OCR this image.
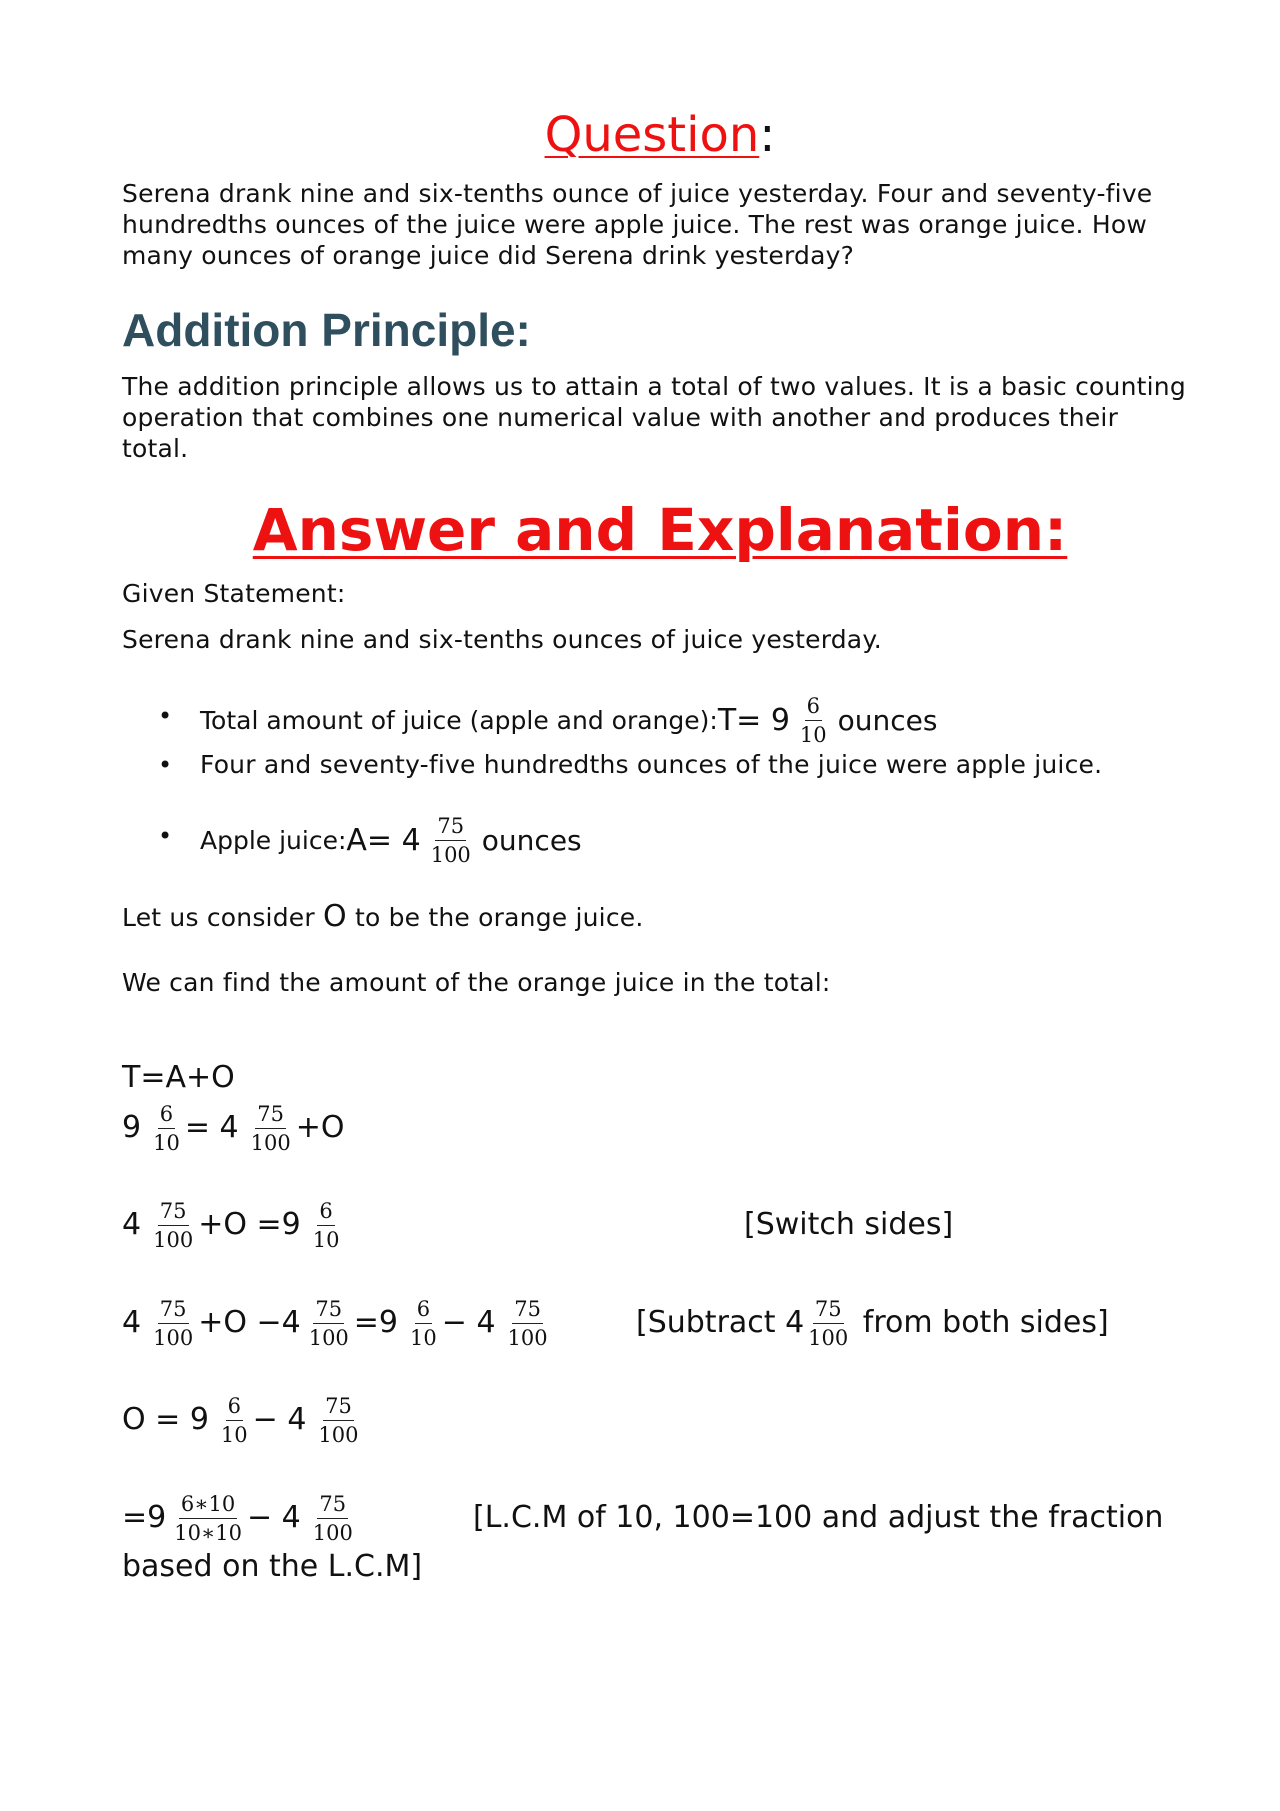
Question:
Serena drank nine and six-tenths ounce of juice yesterday. Four and seventy-five
hundredths ounces of the juice were apple juice. The rest was orange juice. How
many ounces of orange juice did Serena drink yesterday?
Addition Principle:
The addition principle allows us to attain a total of two values. It is a basic counting
operation that combines one numerical value with another and produces their
total.
Answer and Explanation:
Given Statement:
Serena drank nine and six-tenths ounces of juice yesterday.
• Total amount of juice (apple and orange): $T= 9 \frac{6}{10}$ ounces
• Four and seventy-five hundredths ounces of the juice were apple juice.
• Apple juice: $A= 4 \frac{75}{100}$ ounces
Let us consider O to be the orange juice.
We can find the amount of the orange juice in the total:
T=A+O
$9 \frac{6}{10} = 4 \frac{75}{100} +O$
$4 \frac{75}{100} +O =9 \frac{6}{10}$	[Switch sides]
$4 \frac{75}{100} +O -4 \frac{75}{100} =9 \frac{6}{10} - 4 \frac{75}{100}$	[Subtract $4 \frac{75}{100}$ from both sides]
$O = 9 \frac{6}{10} - 4 \frac{75}{100}$
$=9 \frac{6∗10}{10∗10} - 4 \frac{75}{100}$	[L.C.M of 10, 100=100 and adjust the fraction
based on the L.C.M]
